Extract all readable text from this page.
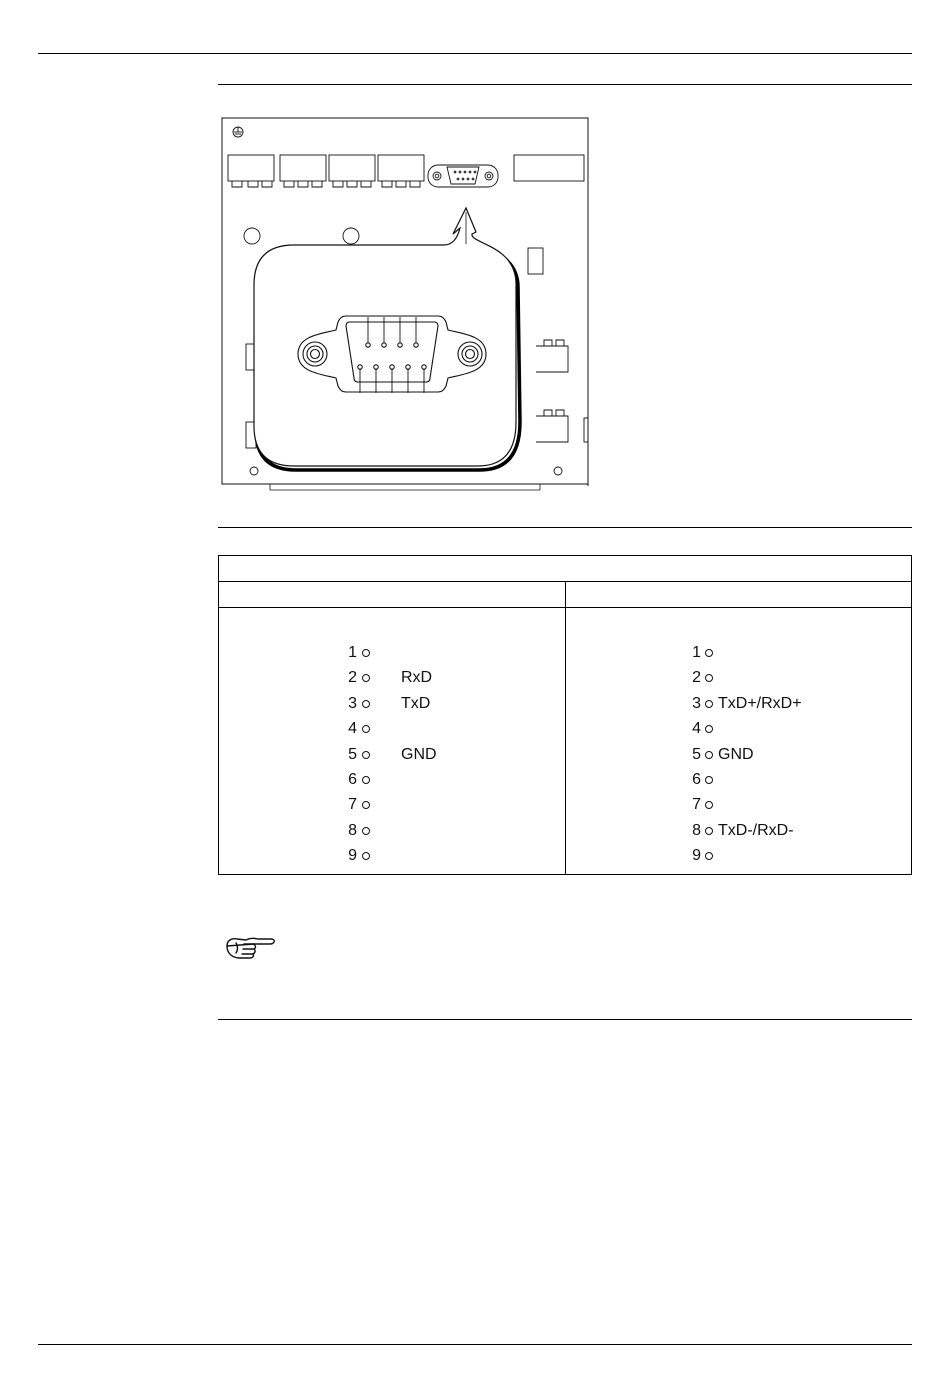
1
2	RxD
3	TxD
4
5	GND
6
7
8
9
1
2
3 TxD+/RxD+
4
5 GND
6
7
8 TxD-/RxD-
9
